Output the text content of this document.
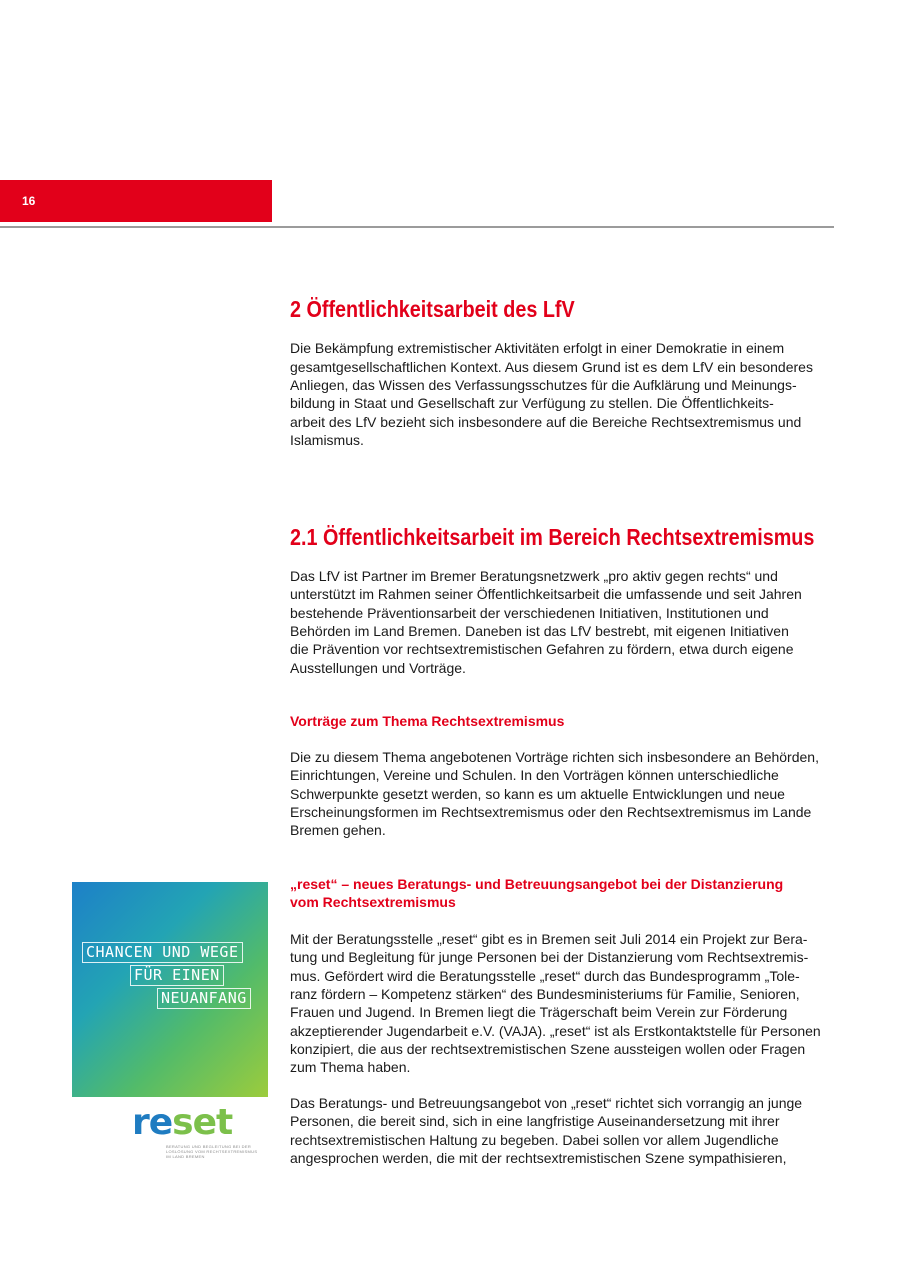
16
2 Öffentlichkeitsarbeit des LfV

Die Bekämpfung extremistischer Aktivitäten erfolgt in einer Demokratie in einem

gesamtgesellschaftlichen Kontext. Aus diesem Grund ist es dem LfV ein besonderes

Anliegen, das Wissen des Verfassungsschutzes für die Aufklärung und Meinungs-

bildung in Staat und Gesellschaft zur Verfügung zu stellen. Die Öffentlichkeits-

arbeit des LfV bezieht sich insbesondere auf die Bereiche Rechtsextremismus und

Islamismus.

2.1 Öffentlichkeitsarbeit im Bereich Rechtsextremismus

Das LfV ist Partner im Bremer Beratungsnetzwerk „pro aktiv gegen rechts“ und

unterstützt im Rahmen seiner Öffentlichkeitsarbeit die umfassende und seit Jahren

bestehende Präventionsarbeit der verschiedenen Initiativen, Institutionen und

Behörden im Land Bremen. Daneben ist das LfV bestrebt, mit eigenen Initiativen

die Prävention vor rechtsextremistischen Gefahren zu fördern, etwa durch eigene

Ausstellungen und Vorträge.

Vorträge zum Thema Rechtsextremismus

Die zu diesem Thema angebotenen Vorträge richten sich insbesondere an Behörden,

Einrichtungen, Vereine und Schulen. In den Vorträgen können unterschiedliche

Schwerpunkte gesetzt werden, so kann es um aktuelle Entwicklungen und neue

Erscheinungsformen im Rechtsextremismus oder den Rechtsextremismus im Lande

Bremen gehen.

„reset“ – neues Beratungs- und Betreuungsangebot bei der Distanzierung
vom Rechtsextremismus

Mit der Beratungsstelle „reset“ gibt es in Bremen seit Juli 2014 ein Projekt zur Bera-

tung und Begleitung für junge Personen bei der Distanzierung vom Rechtsextremis-

mus. Gefördert wird die Beratungsstelle „reset“ durch das Bundesprogramm „Tole-

ranz fördern – Kompetenz stärken“ des Bundesministeriums für Familie, Senioren,

Frauen und Jugend. In Bremen liegt die Trägerschaft beim Verein zur Förderung

akzeptierender Jugendarbeit e.V. (VAJA). „reset“ ist als Erstkontaktstelle für Personen

konzipiert, die aus der rechtsextremistischen Szene aussteigen wollen oder Fragen

zum Thema haben.

Das Beratungs- und Betreuungsangebot von „reset“ richtet sich vorrangig an junge

Personen, die bereit sind, sich in eine langfristige Auseinandersetzung mit ihrer

rechtsextremistischen Haltung zu begeben. Dabei sollen vor allem Jugendliche

angesprochen werden, die mit der rechtsextremistischen Szene sympathisieren,

CHANCEN UND WEGE
FÜR EINEN
NEUANFANG
reset
BERATUNG UND BEGLEITUNG BEI DER
LOSLÖSUNG VOM RECHTSEXTREMISMUS
IM LAND BREMEN
